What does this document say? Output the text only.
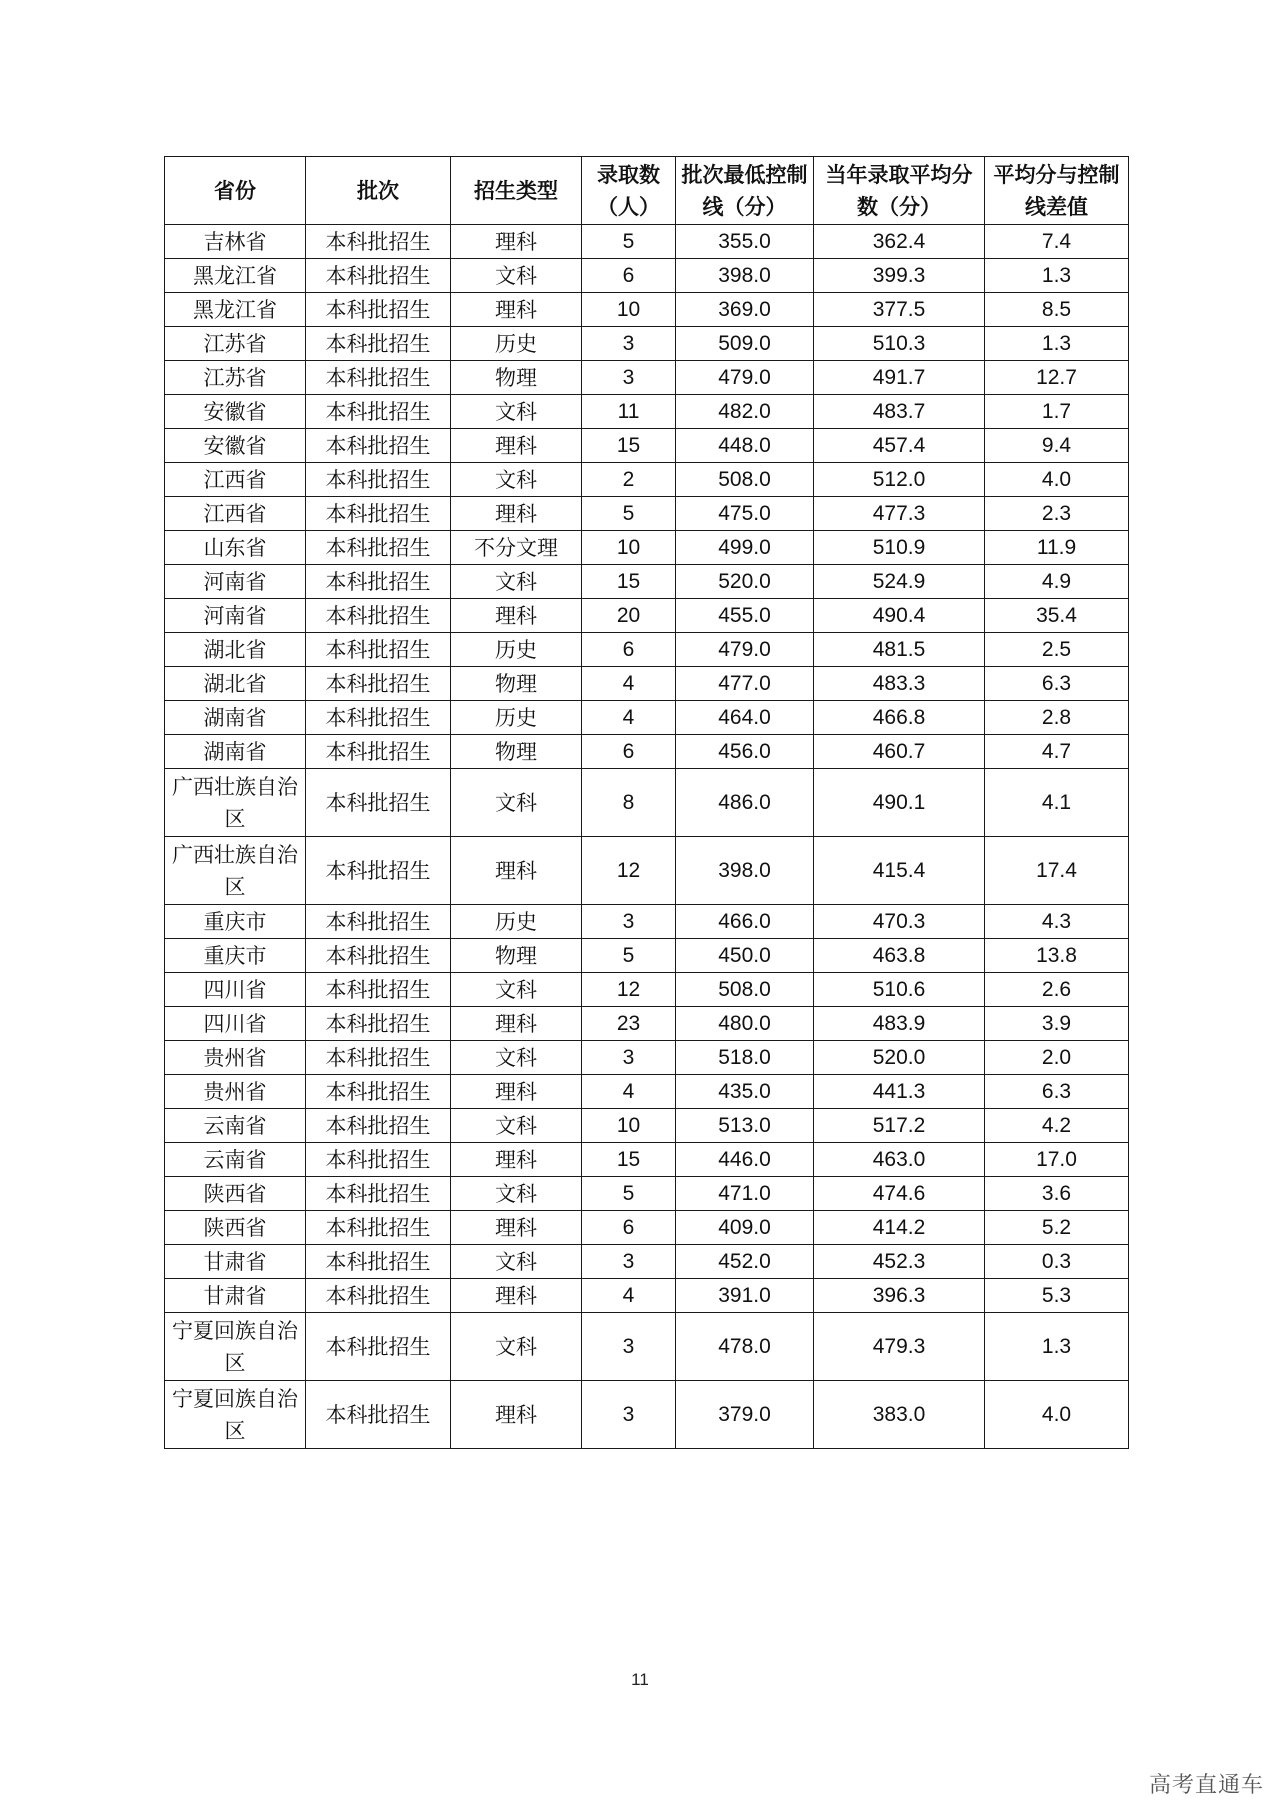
省份	批次	招生类型	录取数（人）	批次最低控制线（分）	当年录取平均分数（分）	平均分与控制线差值
吉林省	本科批招生	理科	5	355.0	362.4	7.4
黑龙江省	本科批招生	文科	6	398.0	399.3	1.3
黑龙江省	本科批招生	理科	10	369.0	377.5	8.5
江苏省	本科批招生	历史	3	509.0	510.3	1.3
江苏省	本科批招生	物理	3	479.0	491.7	12.7
安徽省	本科批招生	文科	11	482.0	483.7	1.7
安徽省	本科批招生	理科	15	448.0	457.4	9.4
江西省	本科批招生	文科	2	508.0	512.0	4.0
江西省	本科批招生	理科	5	475.0	477.3	2.3
山东省	本科批招生	不分文理	10	499.0	510.9	11.9
河南省	本科批招生	文科	15	520.0	524.9	4.9
河南省	本科批招生	理科	20	455.0	490.4	35.4
湖北省	本科批招生	历史	6	479.0	481.5	2.5
湖北省	本科批招生	物理	4	477.0	483.3	6.3
湖南省	本科批招生	历史	4	464.0	466.8	2.8
湖南省	本科批招生	物理	6	456.0	460.7	4.7
广西壮族自治区	本科批招生	文科	8	486.0	490.1	4.1
广西壮族自治区	本科批招生	理科	12	398.0	415.4	17.4
重庆市	本科批招生	历史	3	466.0	470.3	4.3
重庆市	本科批招生	物理	5	450.0	463.8	13.8
四川省	本科批招生	文科	12	508.0	510.6	2.6
四川省	本科批招生	理科	23	480.0	483.9	3.9
贵州省	本科批招生	文科	3	518.0	520.0	2.0
贵州省	本科批招生	理科	4	435.0	441.3	6.3
云南省	本科批招生	文科	10	513.0	517.2	4.2
云南省	本科批招生	理科	15	446.0	463.0	17.0
陕西省	本科批招生	文科	5	471.0	474.6	3.6
陕西省	本科批招生	理科	6	409.0	414.2	5.2
甘肃省	本科批招生	文科	3	452.0	452.3	0.3
甘肃省	本科批招生	理科	4	391.0	396.3	5.3
宁夏回族自治区	本科批招生	文科	3	478.0	479.3	1.3
宁夏回族自治区	本科批招生	理科	3	379.0	383.0	4.0
11
高考直通车
